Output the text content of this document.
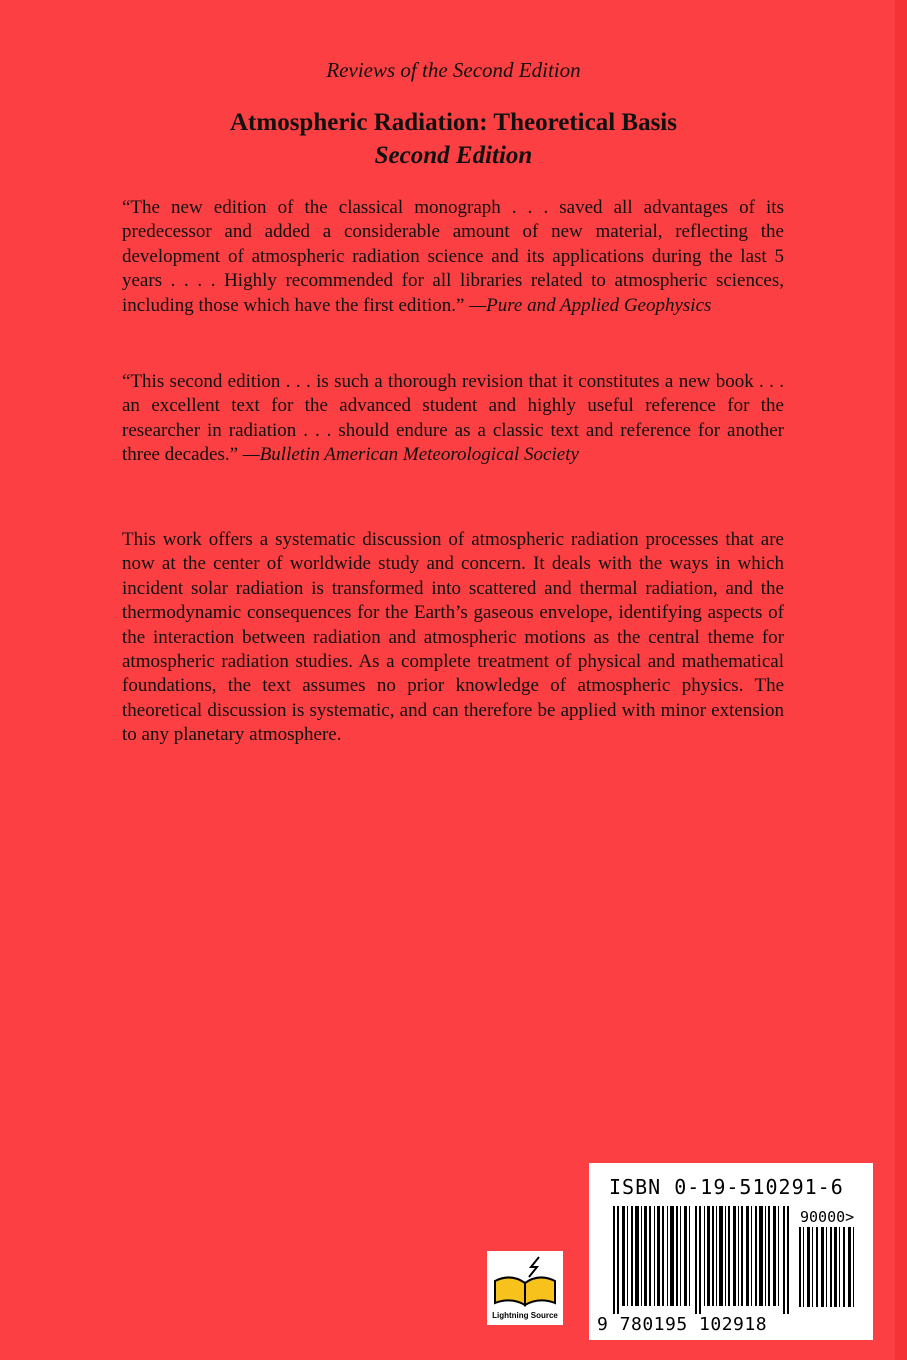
Reviews of the Second Edition
Atmospheric Radiation: Theoretical Basis
Second Edition
“The new edition of the classical monograph . . . saved all advantages of its predecessor and added a considerable amount of new material, reflecting the development of atmospheric radiation science and its applications during the last 5 years . . . . Highly recommended for all libraries related to atmospheric sciences, including those which have the first edition.” —Pure and Applied Geophysics
“This second edition . . . is such a thorough revision that it constitutes a new book . . . an excellent text for the advanced student and highly useful reference for the researcher in radiation . . . should endure as a classic text and reference for another three decades.” —Bulletin American Meteorological Society
This work offers a systematic discussion of atmospheric radiation processes that are now at the center of worldwide study and concern. It deals with the ways in which incident solar radiation is transformed into scattered and thermal radiation, and the thermodynamic consequences for the Earth’s gaseous envelope, identifying aspects of the interaction between radiation and atmospheric motions as the central theme for atmospheric radiation studies. As a complete treatment of physical and mathematical foundations, the text assumes no prior knowledge of atmospheric physics. The theoretical discussion is systematic, and can therefore be applied with minor extension to any planetary atmosphere.
Lightning Source
ISBN 0-19-510291-6
90000>
9 780195 102918
